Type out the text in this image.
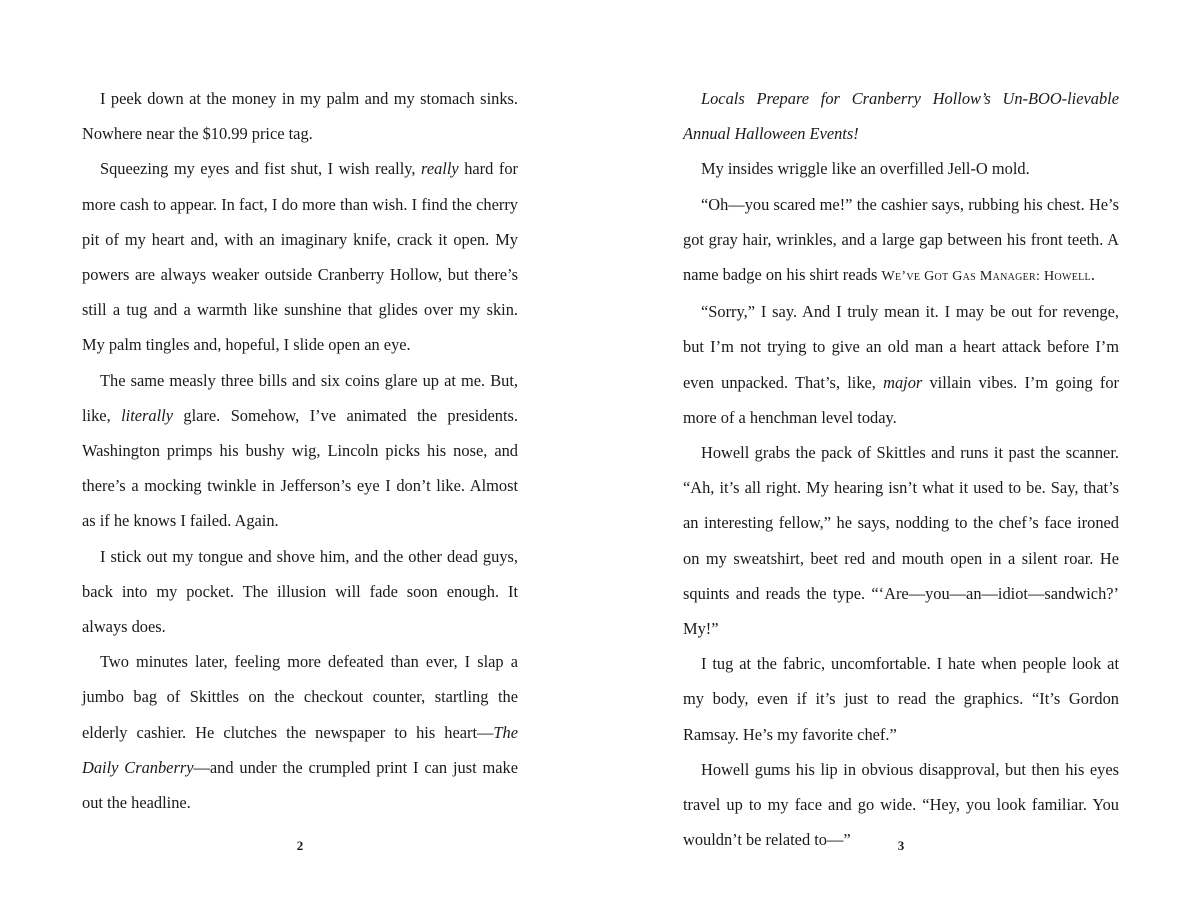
I peek down at the money in my palm and my stomach sinks. Nowhere near the $10.99 price tag.

Squeezing my eyes and fist shut, I wish really, really hard for more cash to appear. In fact, I do more than wish. I find the cherry pit of my heart and, with an imaginary knife, crack it open. My powers are always weaker outside Cranberry Hollow, but there’s still a tug and a warmth like sunshine that glides over my skin. My palm tingles and, hopeful, I slide open an eye.

The same measly three bills and six coins glare up at me. But, like, literally glare. Somehow, I’ve animated the presidents. Washington primps his bushy wig, Lincoln picks his nose, and there’s a mocking twinkle in Jefferson’s eye I don’t like. Almost as if he knows I failed. Again.

I stick out my tongue and shove him, and the other dead guys, back into my pocket. The illusion will fade soon enough. It always does.

Two minutes later, feeling more defeated than ever, I slap a jumbo bag of Skittles on the checkout counter, startling the elderly cashier. He clutches the newspaper to his heart—The Daily Cranberry—and under the crumpled print I can just make out the headline.

2

Locals Prepare for Cranberry Hollow’s Un-BOO-lievable Annual Halloween Events!

My insides wriggle like an overfilled Jell-O mold.

“Oh—you scared me!” the cashier says, rubbing his chest. He’s got gray hair, wrinkles, and a large gap between his front teeth. A name badge on his shirt reads We’ve Got Gas Manager: Howell.

“Sorry,” I say. And I truly mean it. I may be out for revenge, but I’m not trying to give an old man a heart attack before I’m even unpacked. That’s, like, major villain vibes. I’m going for more of a henchman level today.

Howell grabs the pack of Skittles and runs it past the scanner. “Ah, it’s all right. My hearing isn’t what it used to be. Say, that’s an interesting fellow,” he says, nodding to the chef’s face ironed on my sweatshirt, beet red and mouth open in a silent roar. He squints and reads the type. “‘Are—you—an—idiot—sandwich?’ My!”

I tug at the fabric, uncomfortable. I hate when people look at my body, even if it’s just to read the graphics. “It’s Gordon Ramsay. He’s my favorite chef.”

Howell gums his lip in obvious disapproval, but then his eyes travel up to my face and go wide. “Hey, you look familiar. You wouldn’t be related to—”	3
